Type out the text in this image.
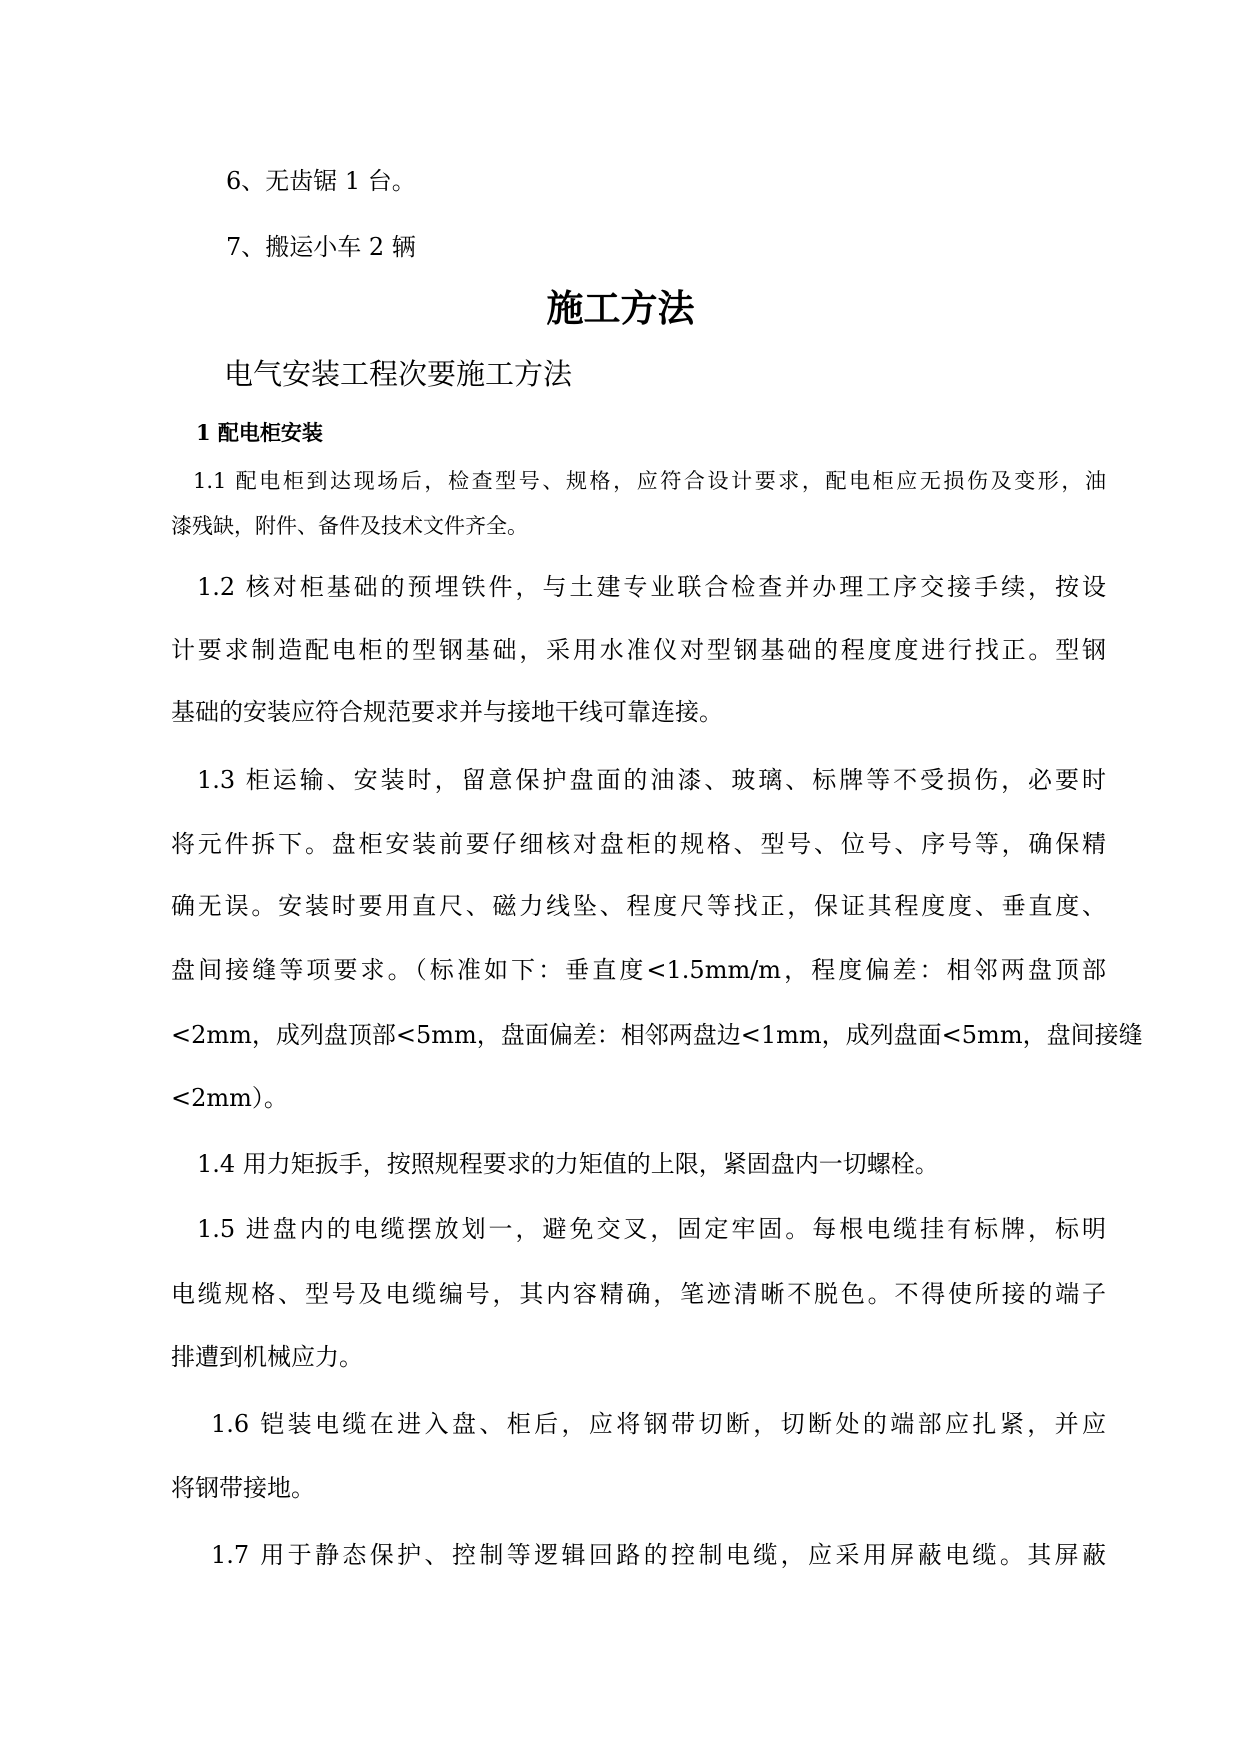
6、无齿锯 1 台。
7、搬运小车 2 辆
施工方法
电气安装工程次要施工方法
1 配电柜安装
1.1 配电柜到达现场后，检查型号、规格，应符合设计要求，配电柜应无损伤及变形，油
漆残缺，附件、备件及技术文件齐全。
1.2 核对柜基础的预埋铁件，与土建专业联合检查并办理工序交接手续，按设
计要求制造配电柜的型钢基础，采用水准仪对型钢基础的程度度进行找正。型钢
基础的安装应符合规范要求并与接地干线可靠连接。
1.3 柜运输、安装时，留意保护盘面的油漆、玻璃、标牌等不受损伤，必要时
将元件拆下。盘柜安装前要仔细核对盘柜的规格、型号、位号、序号等，确保精
确无误。安装时要用直尺、磁力线坠、程度尺等找正，保证其程度度、垂直度、
盘间接缝等项要求。（标准如下：垂直度<1.5mm/m，程度偏差：相邻两盘顶部
<2mm，成列盘顶部<5mm，盘面偏差：相邻两盘边<1mm，成列盘面<5mm，盘间接缝
<2mm）。
1.4 用力矩扳手，按照规程要求的力矩值的上限，紧固盘内一切螺栓。
1.5 进盘内的电缆摆放划一，避免交叉，固定牢固。每根电缆挂有标牌，标明
电缆规格、型号及电缆编号，其内容精确，笔迹清晰不脱色。不得使所接的端子
排遭到机械应力。
1.6 铠装电缆在进入盘、柜后，应将钢带切断，切断处的端部应扎紧，并应
将钢带接地。
1.7 用于静态保护、控制等逻辑回路的控制电缆，应采用屏蔽电缆。其屏蔽
